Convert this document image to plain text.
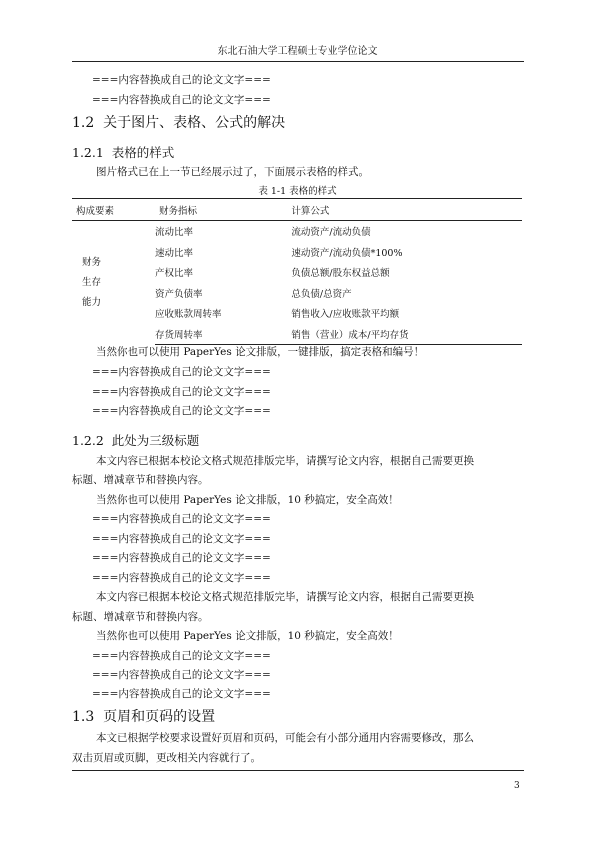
东北石油大学工程硕士专业学位论文
===内容替换成自己的论文文字===
===内容替换成自己的论文文字===
1.2 关于图片、表格、公式的解决
1.2.1 表格的样式
图片格式已在上一节已经展示过了，下面展示表格的样式。
表 1-1 表格的样式
构成要素	财务指标	计算公式

财务
生存
能力	流动比率	流动资产/流动负债
	速动比率	速动资产/流动负债*100%
	产权比率	负债总额/股东权益总额
	资产负债率	总负债/总资产
	应收账款周转率	销售收入/应收账款平均额
	存货周转率	销售（营业）成本/平均存货
当然你也可以使用 PaperYes 论文排版，一键排版，搞定表格和编号！
===内容替换成自己的论文文字===
===内容替换成自己的论文文字===
===内容替换成自己的论文文字===
1.2.2 此处为三级标题
本文内容已根据本校论文格式规范排版完毕，请撰写论文内容，根据自己需要更换
标题、增减章节和替换内容。
当然你也可以使用 PaperYes 论文排版，10 秒搞定，安全高效！
===内容替换成自己的论文文字===
===内容替换成自己的论文文字===
===内容替换成自己的论文文字===
===内容替换成自己的论文文字===
本文内容已根据本校论文格式规范排版完毕，请撰写论文内容，根据自己需要更换
标题、增减章节和替换内容。
当然你也可以使用 PaperYes 论文排版，10 秒搞定，安全高效！
===内容替换成自己的论文文字===
===内容替换成自己的论文文字===
===内容替换成自己的论文文字===
1.3 页眉和页码的设置
本文已根据学校要求设置好页眉和页码，可能会有小部分通用内容需要修改，那么
双击页眉或页脚，更改相关内容就行了。
3
